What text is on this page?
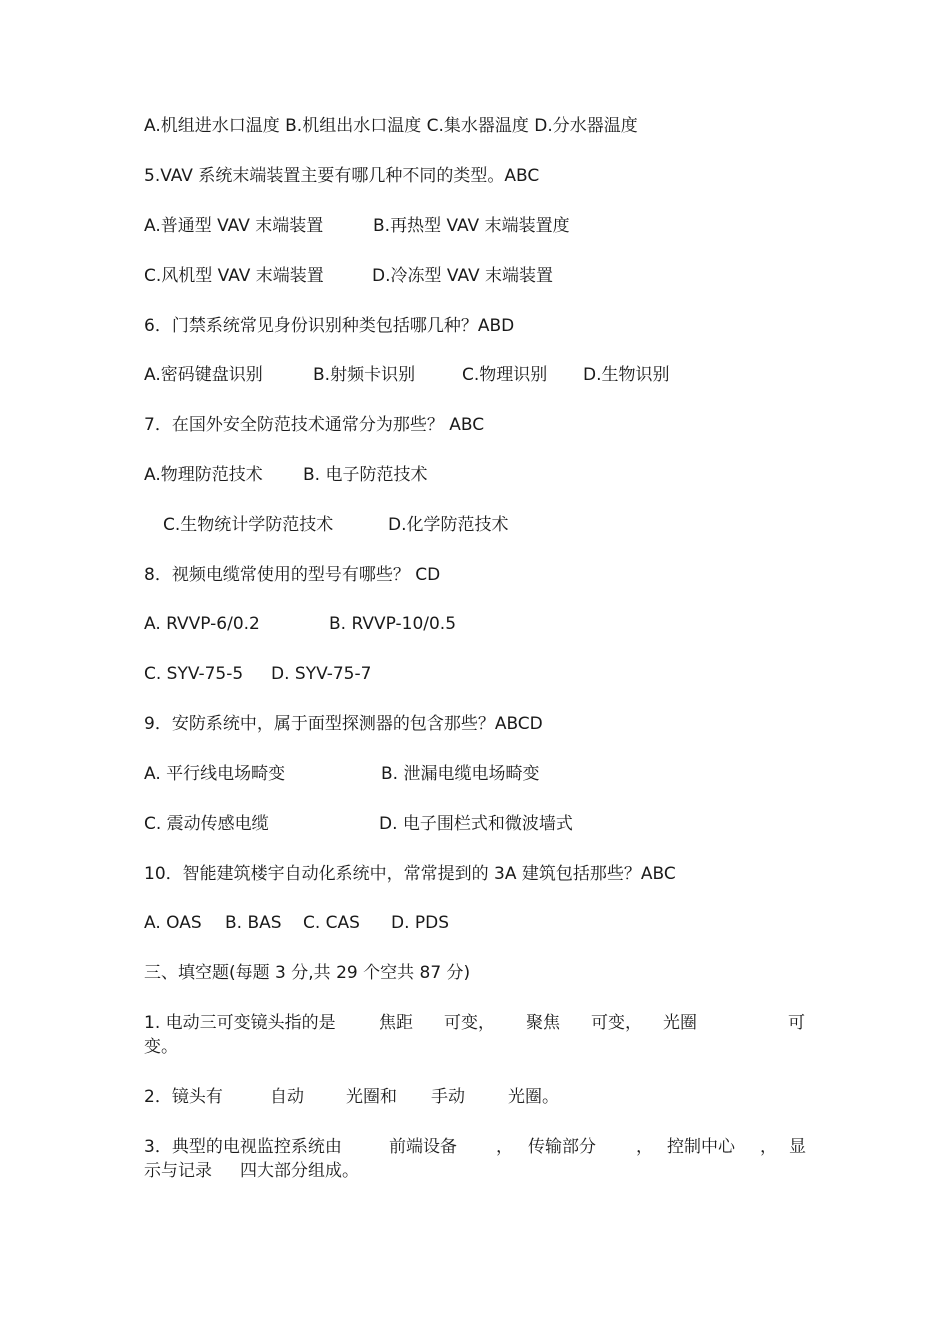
A.机组进水口温度 B.机组出水口温度 C.集水器温度 D.分水器温度
5.VAV 系统末端装置主要有哪几种不同的类型。ABC
A.普通型 VAV 末端装置	B.再热型 VAV 末端装置度
C.风机型 VAV 末端装置	D.冷冻型 VAV 末端装置
6．门禁系统常见身份识别种类包括哪几种？ABD
A.密码键盘识别	B.射频卡识别	C.物理识别 D.生物识别
7．在国外安全防范技术通常分为那些？ ABC
A.物理防范技术 B. 电子防范技术
C.生物统计学防范技术	D.化学防范技术
8．视频电缆常使用的型号有哪些？ CD
A. RVVP-6/0.2	B. RVVP-10/0.5
C. SYV-75-5 D. SYV-75-7
9．安防系统中，属于面型探测器的包含那些？ABCD
A. 平行线电场畸变	B. 泄漏电缆电场畸变
C. 震动传感电缆	D. 电子围栏式和微波墙式
10．智能建筑楼宇自动化系统中，常常提到的 3A 建筑包括那些？ABC
A. OAS B. BAS C. CAS D. PDS
三、填空题(每题 3 分,共 29 个空共 87 分)
1. 电动三可变镜头指的是	焦距 可变， 聚焦 可变， 光圈	可
变。
2．镜头有	自动 光圈和 手动	光圈。
3．典型的电视监控系统由	前端设备 ， 传输部分 ， 控制中心 ， 显
示与记录 四大部分组成。
